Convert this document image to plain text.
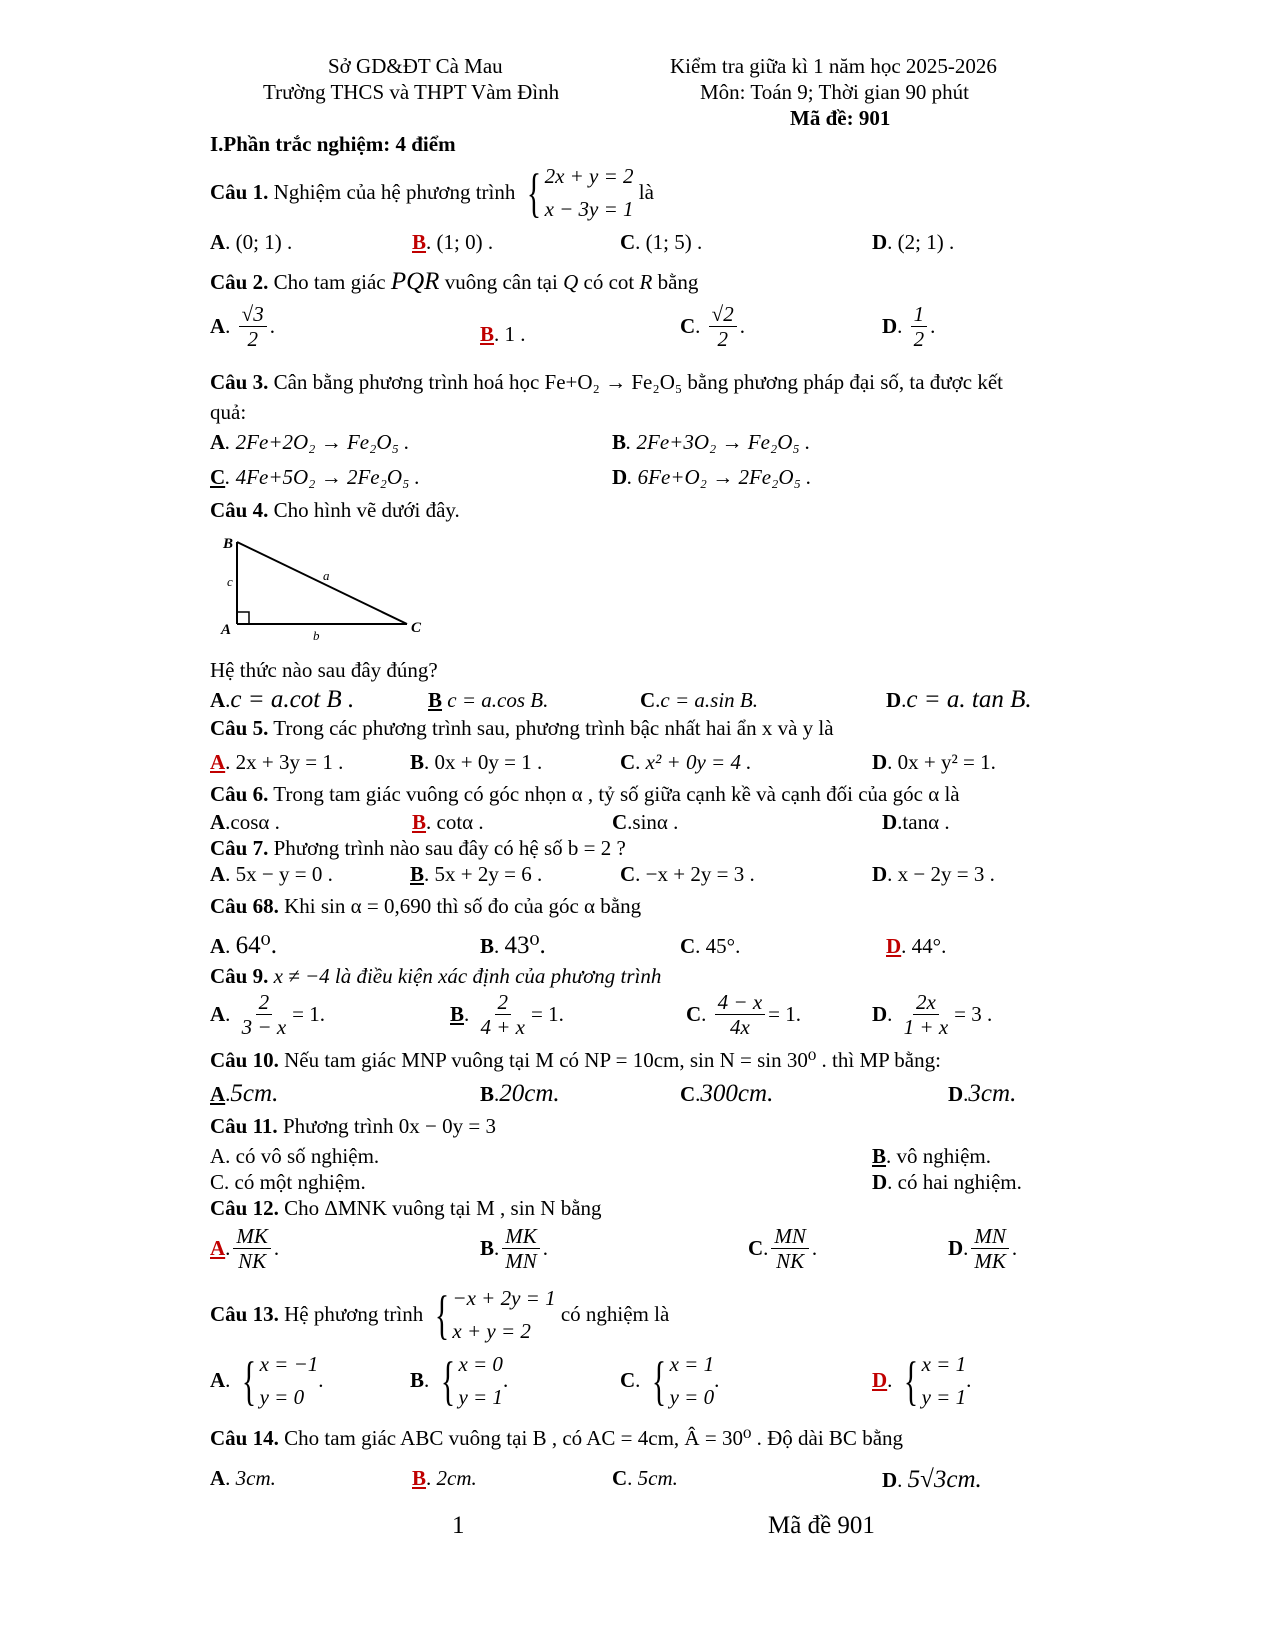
Sở GD&ĐT Cà Mau
Trường THCS và THPT Vàm Đình
Kiểm tra giữa kì 1 năm học 2025-2026
Môn: Toán 9; Thời gian 90 phút
Mã đề: 901
I.Phần trắc nghiệm: 4 điểm
Câu 1.
Nghiệm của hệ phương trình
{ 2x + y = 2
x − 3y = 1

là
A. (0; 1) .	B. (1; 0) .	C. (1; 5) .	D. (2; 1) .
Câu 2. Cho tam giác PQR vuông cân tại Q có cot R bằng
A . $\frac{√3}{2}$ .	B. 1 .	C . $\frac{√2}{2}$ .	D . $\frac{1}{2}$ .
Câu 3. Cân bằng phương trình hoá học Fe+O₂ → Fe₂O₅ bằng phương pháp đại số, ta được kết
quả:
A. 2Fe+2O₂ → Fe₂O₅ .	B. 2Fe+3O₂ → Fe₂O₅ .
C. 4Fe+5O₂ → 2Fe₂O₅ .	D. 6Fe+O₂ → 2Fe₂O₅ .
Câu 4. Cho hình vẽ dưới đây.
B
A	C
c	a
b
Hệ thức nào sau đây đúng?
A.c = a.cot B .	B c = a.cos B.	C.c = a.sin B.	D.c = a. tan B.
Câu 5. Trong các phương trình sau, phương trình bậc nhất hai ẩn x và y là
A. 2x + 3y = 1 .	B. 0x + 0y = 1 .	C. x² + 0y = 4 .	D. 0x + y² = 1.
Câu 6. Trong tam giác vuông có góc nhọn α , tỷ số giữa cạnh kề và cạnh đối của góc α là
A.cosα .	B. cotα .	C.sinα .	D.tanα .
Câu 7. Phương trình nào sau đây có hệ số b = 2 ?
A. 5x − y = 0 .	B. 5x + 2y = 6 .	C. −x + 2y = 3 .	D. x − 2y = 3 .
Câu 68. Khi sin α = 0,690 thì số đo của góc α bằng
A. 64⁰.	B. 43⁰.	C. 45°.	D. 44°.
Câu 9. x ≠ −4 là điều kiện xác định của phương trình
A . $\frac{2}{3 - x} = 1$.	B . $\frac{2}{4 + x} = 1$.	C . $\frac{4 - x}{4x} = 1$.	D . $\frac{2x}{1 + x} = 3$ .
Câu 10. Nếu tam giác MNP vuông tại M có NP = 10cm, sin N = sin 30⁰ . thì MP bằng:
A.5cm.	B.20cm.	C.300cm.	D.3cm.
Câu 11. Phương trình 0x − 0y = 3
A. có vô số nghiệm.	B. vô nghiệm.
C. có một nghiệm.	D. có hai nghiệm.
Câu 12. Cho ΔMNK vuông tại M , sin N bằng
A . $\frac{MK}{NK}$ .	B . $\frac{MK}{MN}$ .	C . $\frac{MN}{NK}$ .	D . $\frac{MN}{MK}$ .
Câu 13.
Hệ phương trình
{ −x + 2y = 1
x + y = 2

có nghiệm là
A . { x = −1
y = 0
.	B . { x = 0
y = 1
.	C . { x = 1
y = 0
.	D . { x = 1
y = 1
.
Câu 14. Cho tam giác ABC vuông tại B , có AC = 4cm, Â = 30⁰ . Độ dài BC bằng
A. 3cm.	B. 2cm.	C. 5cm.	D. 5√3cm.
1	Mã đề 901
